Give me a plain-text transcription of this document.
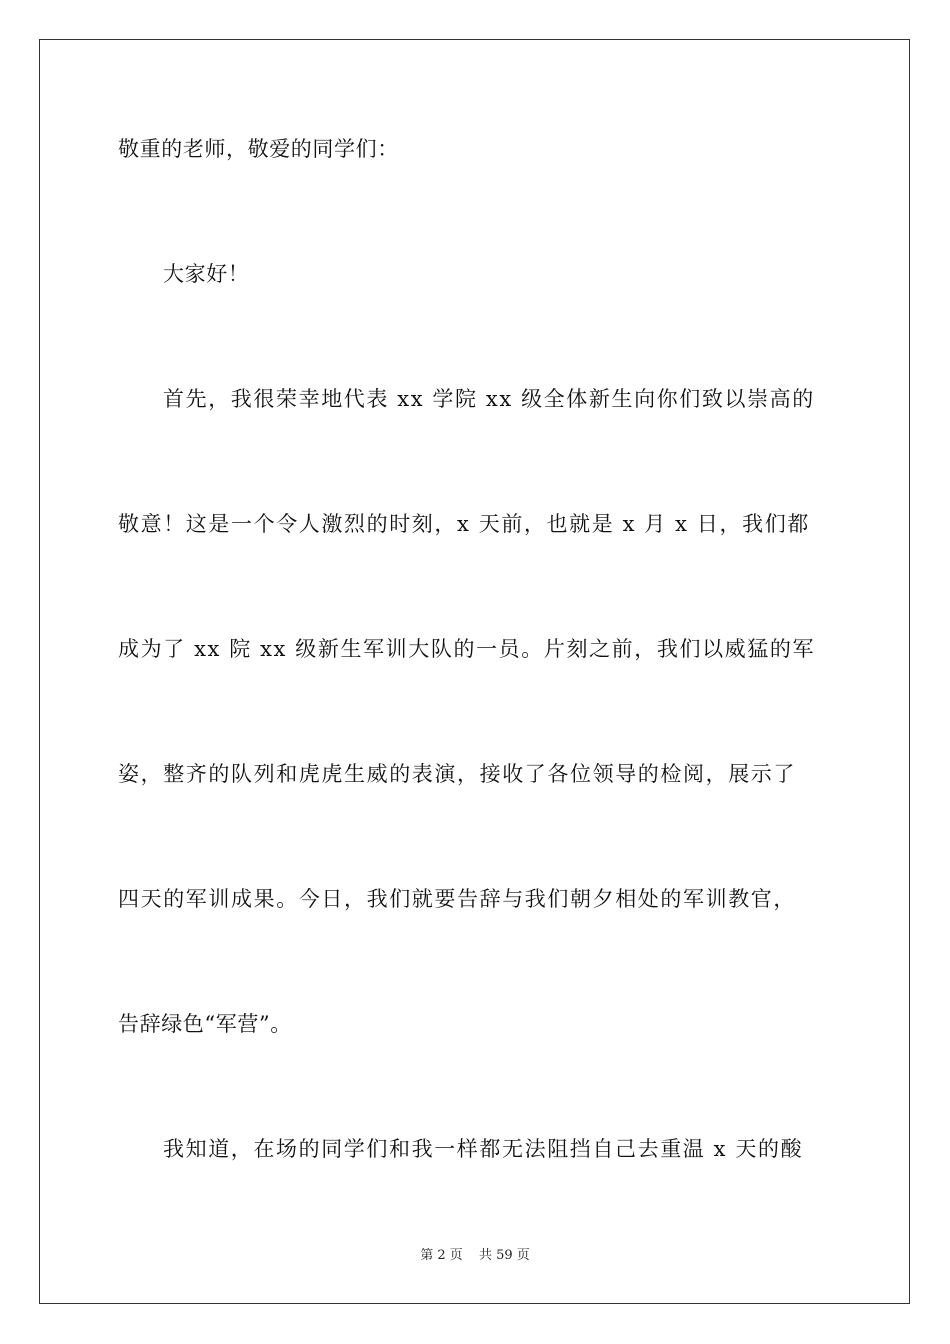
敬重的老师，敬爱的同学们：
大家好！
首先，我很荣幸地代表 xx 学院 xx 级全体新生向你们致以崇高的
敬意！这是一个令人激烈的时刻，x 天前，也就是 x 月 x 日，我们都
成为了 xx 院 xx 级新生军训大队的一员。片刻之前，我们以威猛的军
姿，整齐的队列和虎虎生威的表演，接收了各位领导的检阅，展示了
四天的军训成果。今日，我们就要告辞与我们朝夕相处的军训教官，
告辞绿色“军营”。
我知道，在场的同学们和我一样都无法阻挡自己去重温 x 天的酸
第 2 页 共 59 页
